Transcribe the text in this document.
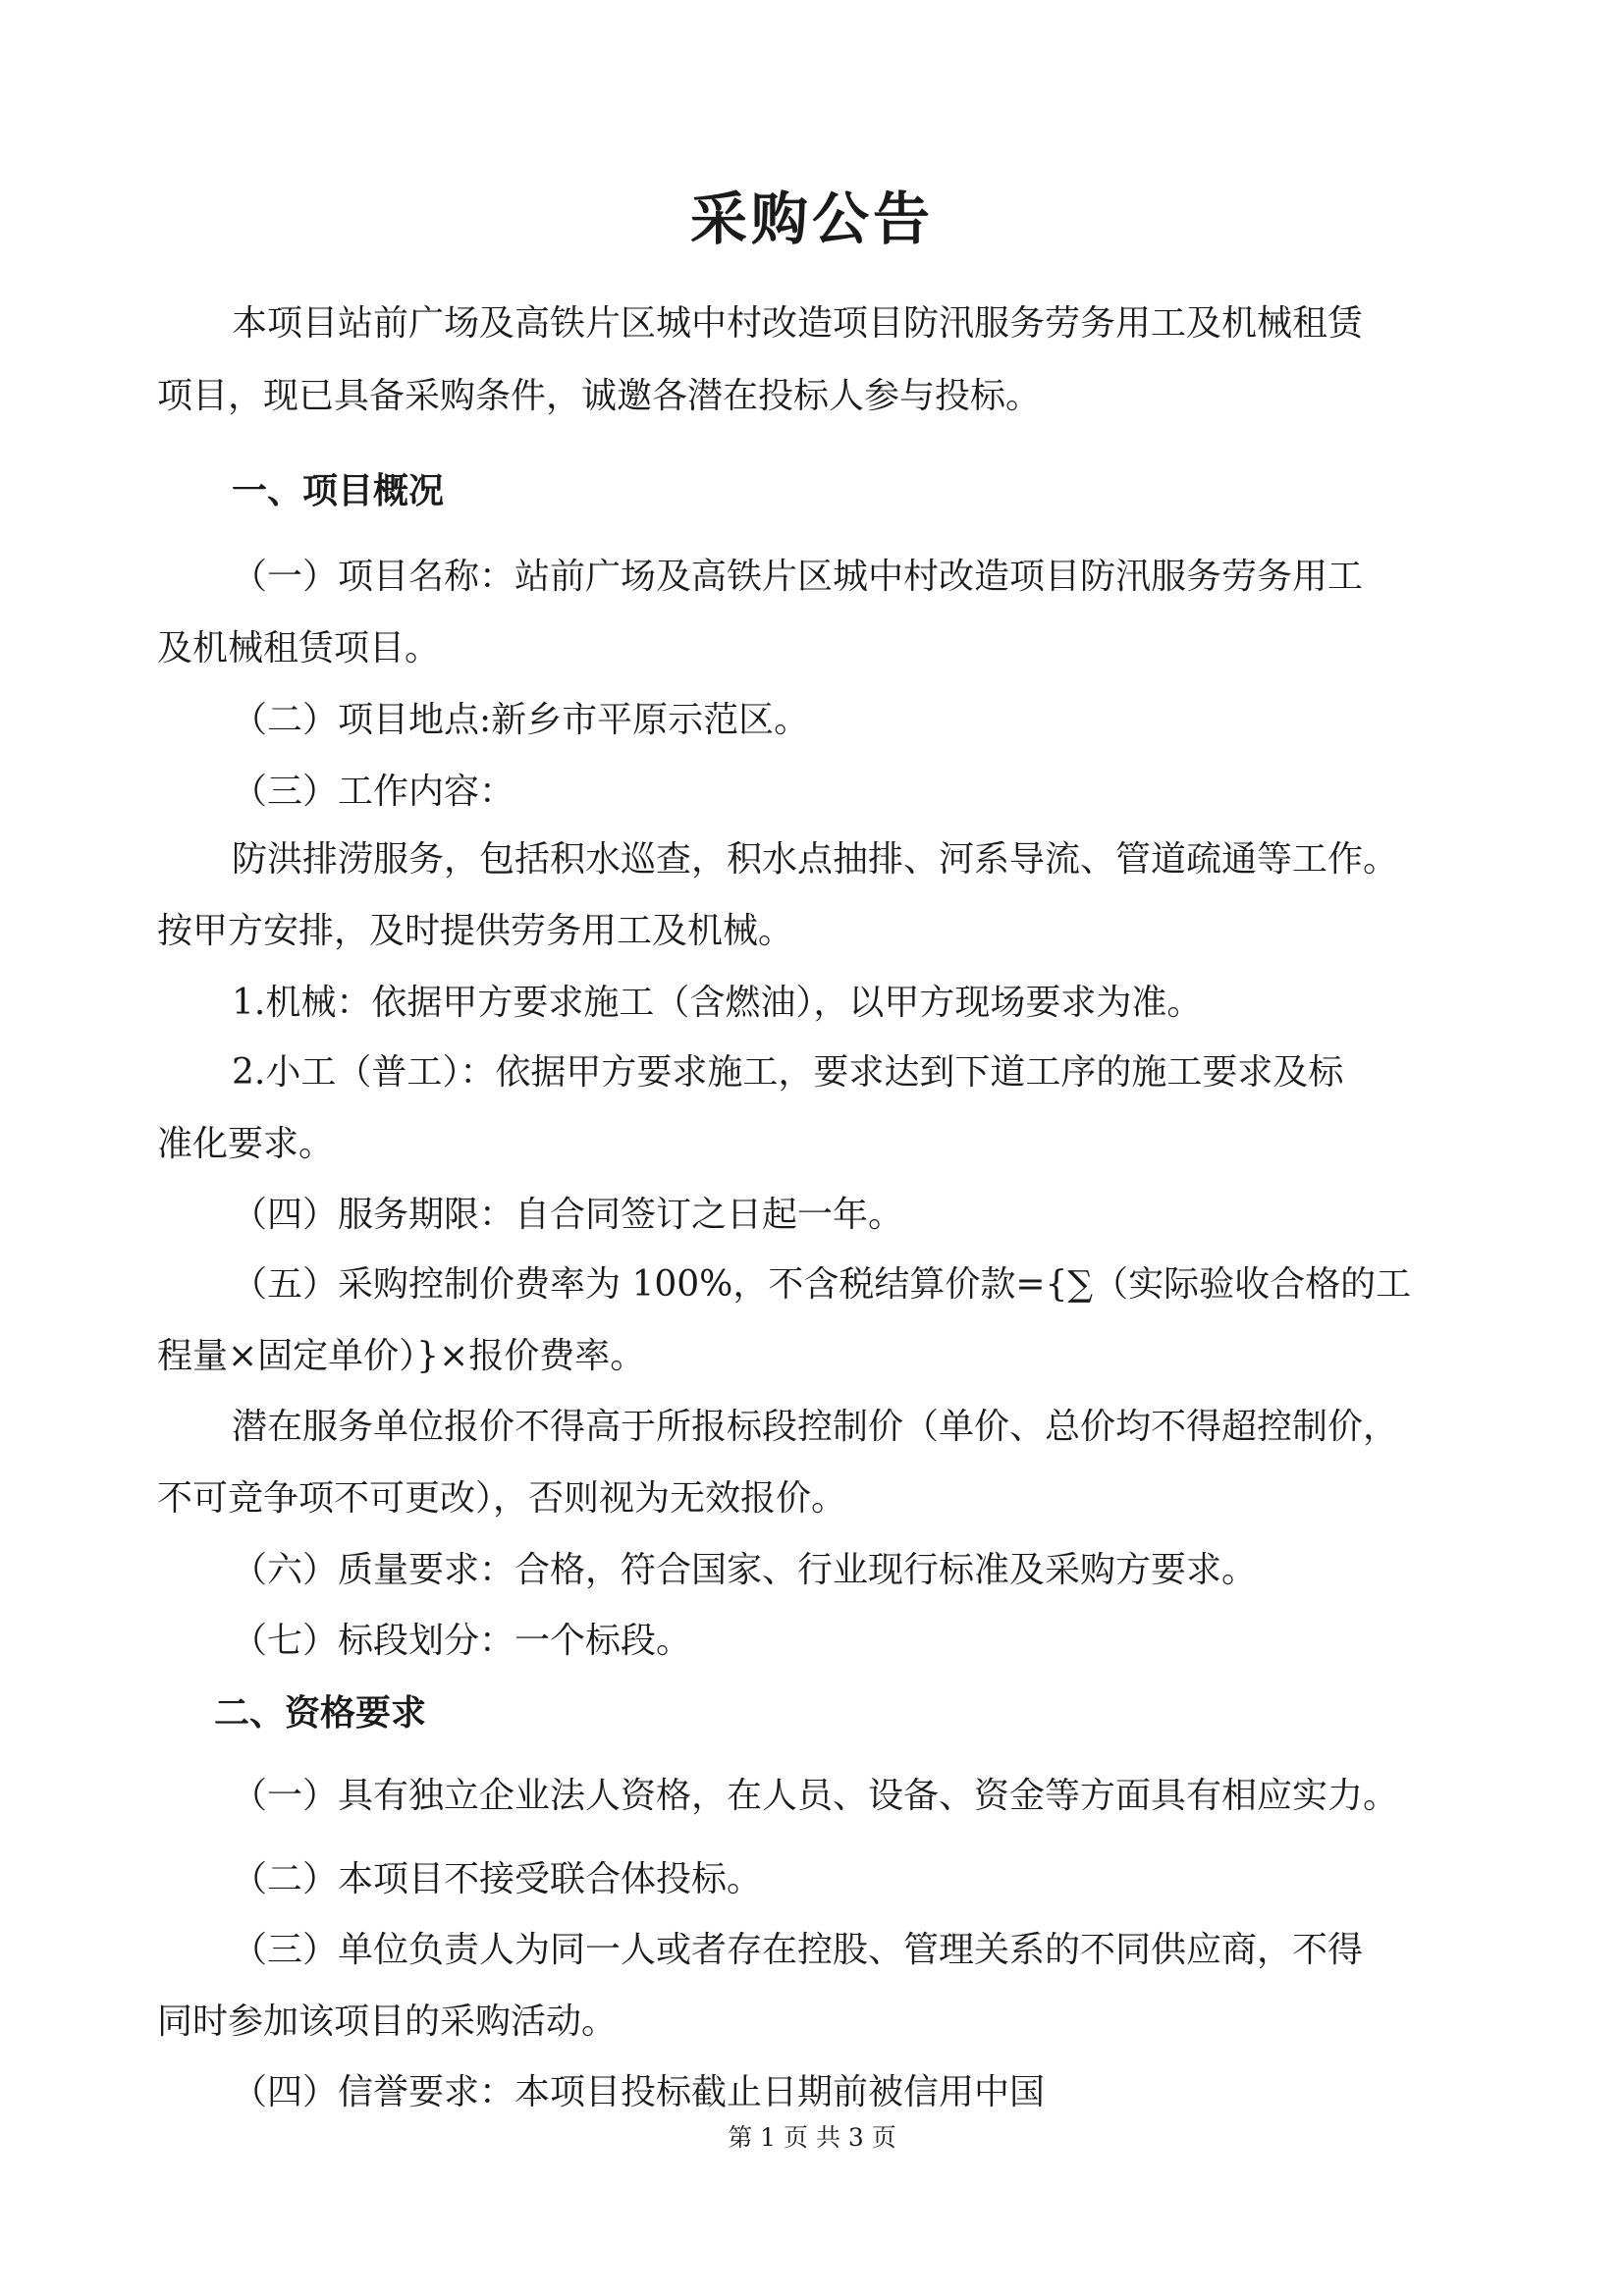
采购公告
本项目站前广场及高铁片区城中村改造项目防汛服务劳务用工及机械租赁
项目，现已具备采购条件，诚邀各潜在投标人参与投标。
一、项目概况
（一）项目名称：站前广场及高铁片区城中村改造项目防汛服务劳务用工
及机械租赁项目。
（二）项目地点:新乡市平原示范区。
（三）工作内容：
防洪排涝服务，包括积水巡查，积水点抽排、河系导流、管道疏通等工作。
按甲方安排，及时提供劳务用工及机械。
1.机械：依据甲方要求施工（含燃油），以甲方现场要求为准。
2.小工（普工）：依据甲方要求施工，要求达到下道工序的施工要求及标
准化要求。
（四）服务期限：自合同签订之日起一年。
（五）采购控制价费率为 100%，不含税结算价款={∑（实际验收合格的工
程量×固定单价）}×报价费率。
潜在服务单位报价不得高于所报标段控制价（单价、总价均不得超控制价，
不可竞争项不可更改），否则视为无效报价。
（六）质量要求：合格，符合国家、行业现行标准及采购方要求。
（七）标段划分：一个标段。
二、资格要求
（一）具有独立企业法人资格，在人员、设备、资金等方面具有相应实力。
（二）本项目不接受联合体投标。
（三）单位负责人为同一人或者存在控股、管理关系的不同供应商，不得
同时参加该项目的采购活动。
（四）信誉要求：本项目投标截止日期前被信用中国
第 1 页 共 3 页
